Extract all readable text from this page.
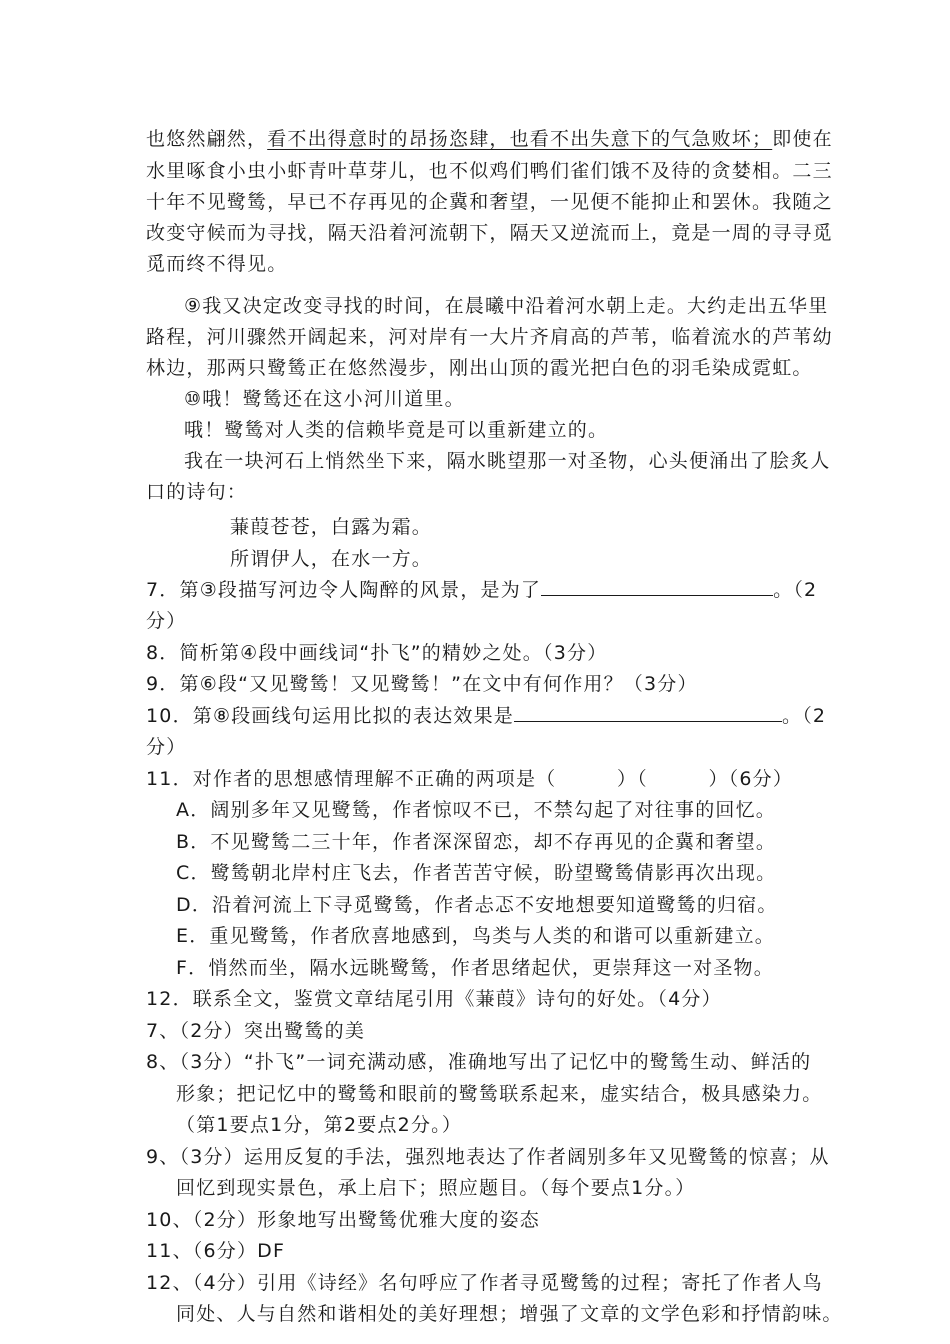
也悠然翩然，看不出得意时的昂扬恣肆，也看不出失意下的气急败坏；即使在
水里啄食小虫小虾青叶草芽儿，也不似鸡们鸭们雀们饿不及待的贪婪相。二三
十年不见鹭鸶，早已不存再见的企冀和奢望，一见便不能抑止和罢休。我随之
改变守候而为寻找，隔天沿着河流朝下，隔天又逆流而上，竟是一周的寻寻觅
觅而终不得见。
⑨我又决定改变寻找的时间，在晨曦中沿着河水朝上走。大约走出五华里
路程，河川骤然开阔起来，河对岸有一大片齐肩高的芦苇，临着流水的芦苇幼
林边，那两只鹭鸶正在悠然漫步，刚出山顶的霞光把白色的羽毛染成霓虹。
⑩哦！鹭鸶还在这小河川道里。
哦！鹭鸶对人类的信赖毕竟是可以重新建立的。
我在一块河石上悄然坐下来，隔水眺望那一对圣物，心头便涌出了脍炙人
口的诗句：
蒹葭苍苍，白露为霜。
所谓伊人，在水一方。
7．第③段描写河边令人陶醉的风景，是为了	。（2
分）
8．简析第④段中画线词“扑飞”的精妙之处。（3分）
9．第⑥段“又见鹭鸶！又见鹭鸶！”在文中有何作用？（3分）
10．第⑧段画线句运用比拟的表达效果是	。（2
分）
11．对作者的思想感情理解不正确的两项是（　　　）（　　　）（6分）
A．阔别多年又见鹭鸶，作者惊叹不已，不禁勾起了对往事的回忆。
B．不见鹭鸶二三十年，作者深深留恋，却不存再见的企冀和奢望。
C．鹭鸶朝北岸村庄飞去，作者苦苦守候，盼望鹭鸶倩影再次出现。
D．沿着河流上下寻觅鹭鸶，作者忐忑不安地想要知道鹭鸶的归宿。
E．重见鹭鸶，作者欣喜地感到，鸟类与人类的和谐可以重新建立。
F．悄然而坐，隔水远眺鹭鸶，作者思绪起伏，更崇拜这一对圣物。
12．联系全文，鉴赏文章结尾引用《蒹葭》诗句的好处。（4分）
7、（2分）突出鹭鸶的美
8、（3分）“扑飞”一词充满动感，准确地写出了记忆中的鹭鸶生动、鲜活的
形象；把记忆中的鹭鸶和眼前的鹭鸶联系起来，虚实结合，极具感染力。
（第1要点1分，第2要点2分。）
9、（3分）运用反复的手法，强烈地表达了作者阔别多年又见鹭鸶的惊喜；从
回忆到现实景色，承上启下；照应题目。（每个要点1分。）
10、（2分）形象地写出鹭鸶优雅大度的姿态
11、（6分）DF
12、（4分）引用《诗经》名句呼应了作者寻觅鹭鸶的过程；寄托了作者人鸟
同处、人与自然和谐相处的美好理想；增强了文章的文学色彩和抒情韵味。
